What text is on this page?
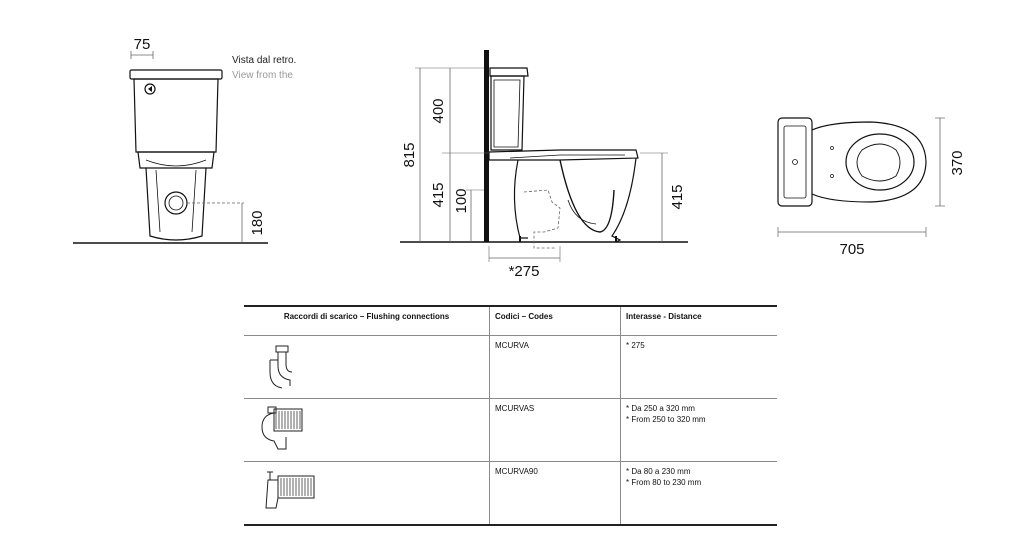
75
180
Vista dal retro.
View from the
815
400
415 100	415
*275
370
705
Raccordi di scarico – Flushing connections	Codici – Codes	Interasse - Distance
MCURVA	* 275
MCURVAS	* Da 250 a 320 mm
* From 250 to 320 mm
MCURVA90	* Da 80 a 230 mm
* From 80 to 230 mm
